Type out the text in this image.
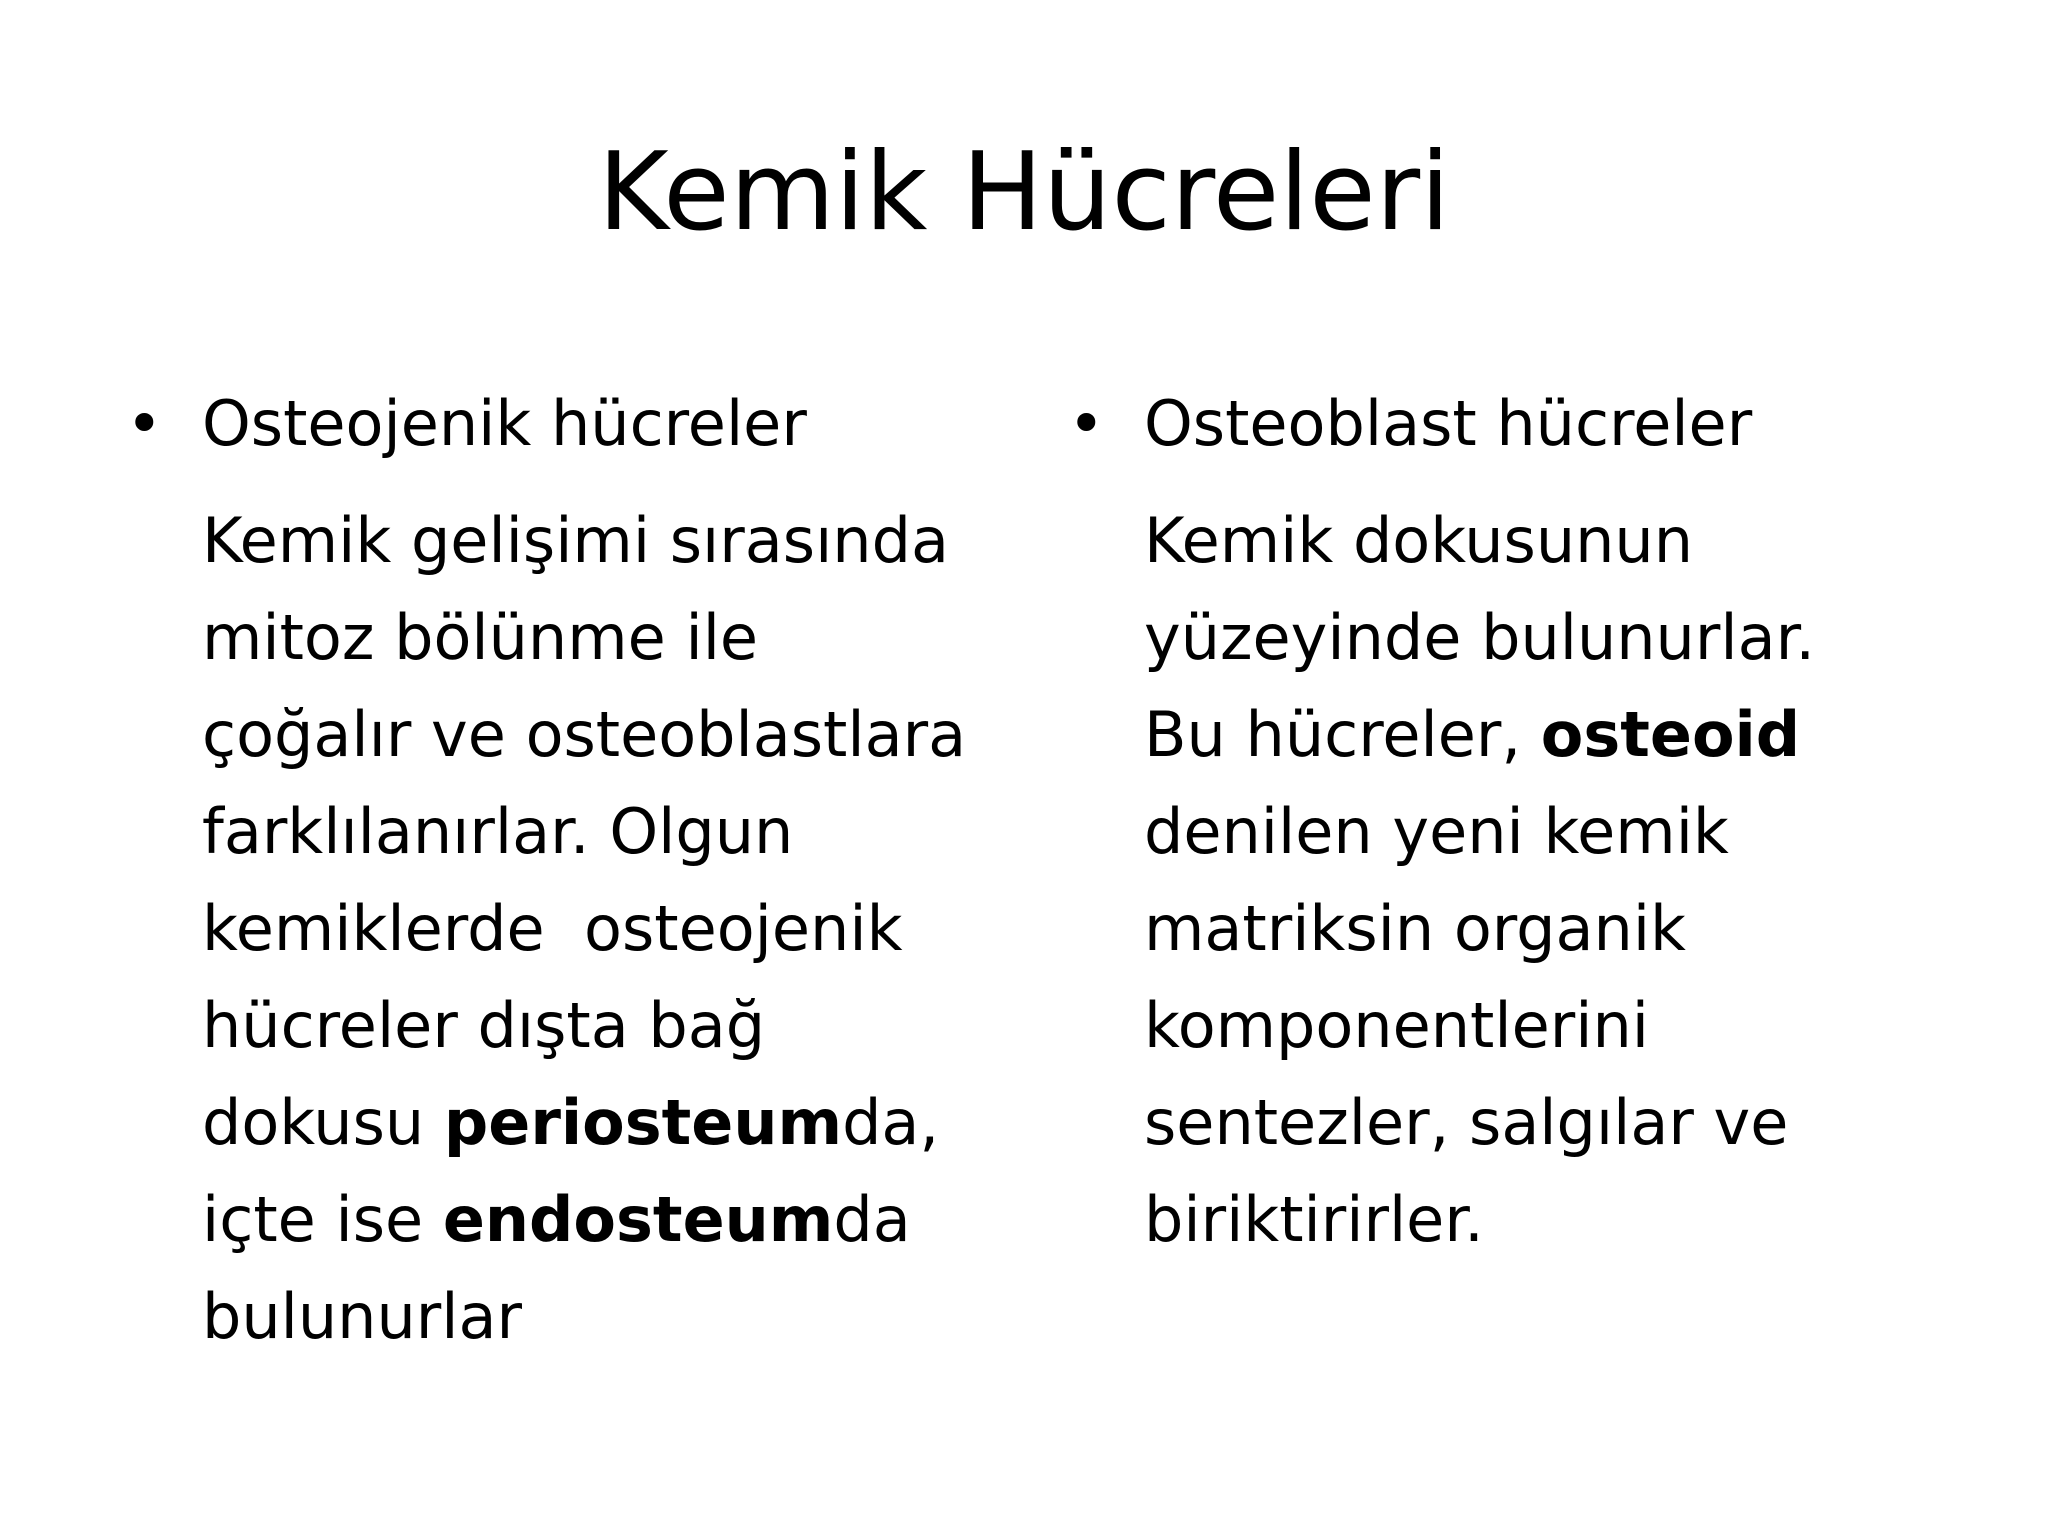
Kemik Hücreleri
• Osteojenik hücreler
Kemik gelişimi sırasında
mitoz bölünme ile
çoğalır ve osteoblastlara
farklılanırlar. Olgun
kemiklerde  osteojenik
hücreler dışta bağ
dokusu periosteumda,
içte ise endosteumda
bulunurlar
• Osteoblast hücreler
Kemik dokusunun
yüzeyinde bulunurlar.
Bu hücreler, osteoid
denilen yeni kemik
matriksin organik
komponentlerini
sentezler, salgılar ve
biriktirirler.
